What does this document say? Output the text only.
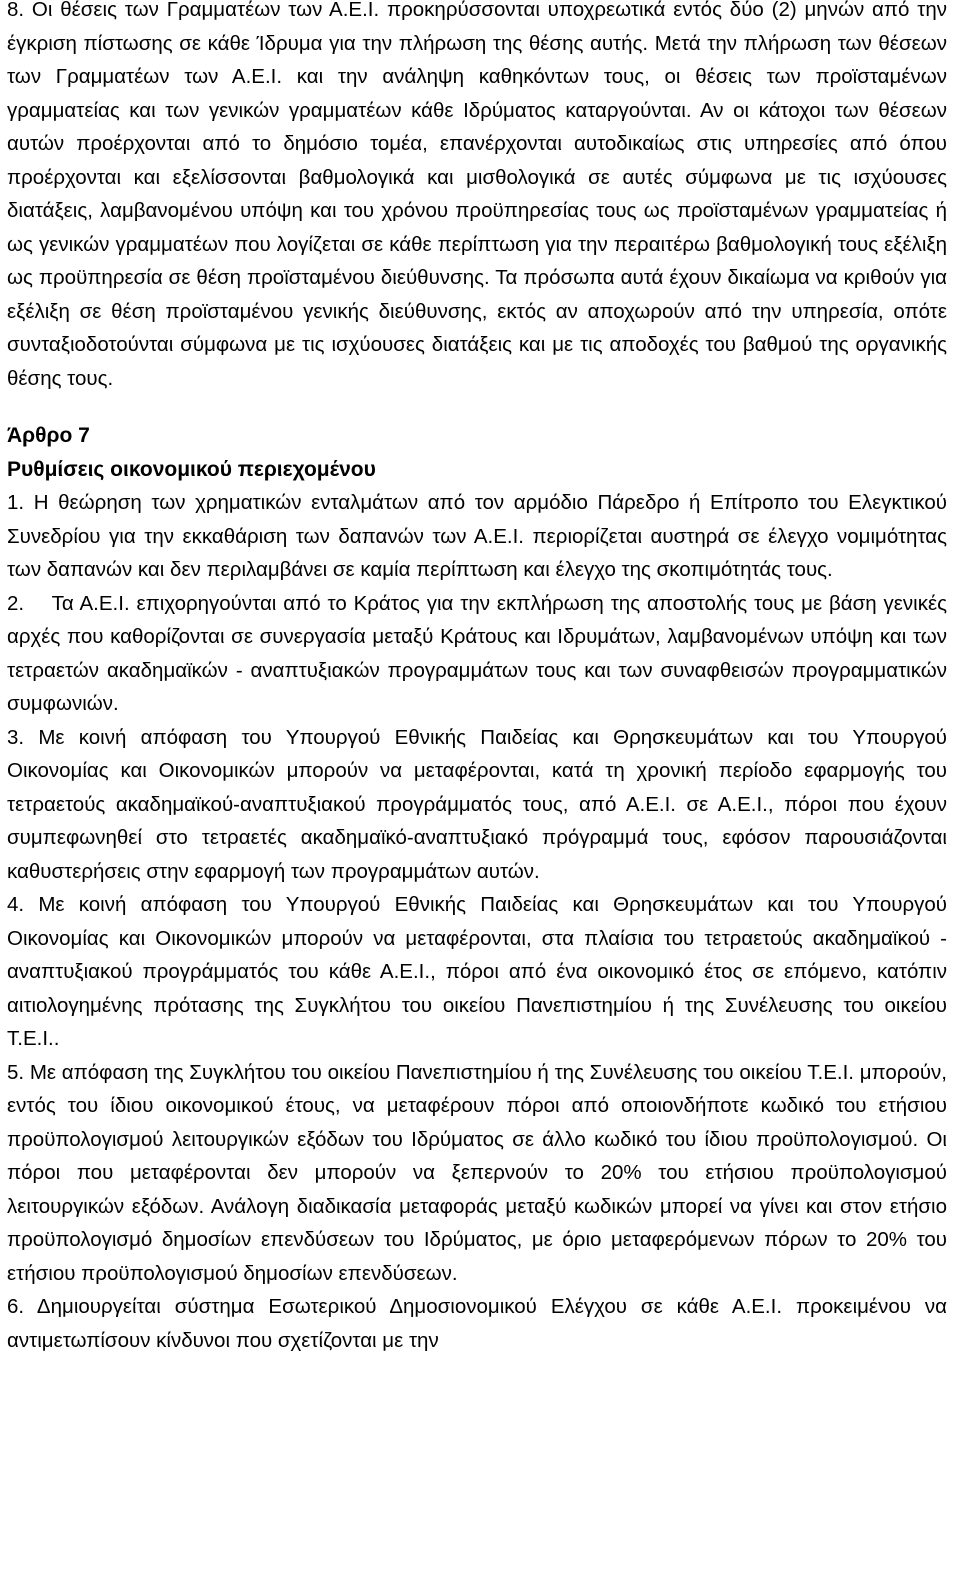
8. Οι θέσεις των Γραμματέων των Α.Ε.Ι. προκηρύσσονται υποχρεωτικά εντός δύο (2) μηνών από την έγκριση πίστωσης σε κάθε Ίδρυμα για την πλήρωση της θέσης αυτής. Μετά την πλήρωση των θέσεων των Γραμματέων των Α.Ε.Ι. και την ανάληψη καθηκόντων τους, οι θέσεις των προϊσταμένων γραμματείας και των γενικών γραμματέων κάθε Ιδρύματος καταργούνται. Αν οι κάτοχοι των θέσεων αυτών προέρχονται από το δημόσιο τομέα, επανέρχονται αυτοδικαίως στις υπηρεσίες από όπου προέρχονται και εξελίσσονται βαθμολογικά και μισθολογικά σε αυτές σύμφωνα με τις ισχύουσες διατάξεις, λαμβανομένου υπόψη και του χρόνου προϋπηρεσίας τους ως προϊσταμένων γραμματείας ή ως γενικών γραμματέων που λογίζεται σε κάθε περίπτωση για την περαιτέρω βαθμολογική τους εξέλιξη ως προϋπηρεσία σε θέση προϊσταμένου διεύθυνσης. Τα πρόσωπα αυτά έχουν δικαίωμα να κριθούν για εξέλιξη σε θέση προϊσταμένου γενικής διεύθυνσης, εκτός αν αποχωρούν από την υπηρεσία, οπότε συνταξιοδοτούνται σύμφωνα με τις ισχύουσες διατάξεις και με τις αποδοχές του βαθμού της οργανικής θέσης τους.

Άρθρο 7
Ρυθμίσεις οικονομικού περιεχομένου

1. Η θεώρηση των χρηματικών ενταλμάτων από τον αρμόδιο Πάρεδρο ή Επίτροπο του Ελεγκτικού Συνεδρίου για την εκκαθάριση των δαπανών των Α.Ε.Ι. περιορίζεται αυστηρά σε έλεγχο νομιμότητας των δαπανών και δεν περιλαμβάνει σε καμία περίπτωση και έλεγχο της σκοπιμότητάς τους.

2. Τα Α.Ε.Ι. επιχορηγούνται από το Κράτος για την εκπλήρωση της αποστολής τους με βάση γενικές αρχές που καθορίζονται σε συνεργασία μεταξύ Κράτους και Ιδρυμάτων, λαμβανομένων υπόψη και των τετραετών ακαδημαϊκών - αναπτυξιακών προγραμμάτων τους και των συναφθεισών προγραμματικών συμφωνιών.

3. Με κοινή απόφαση του Υπουργού Εθνικής Παιδείας και Θρησκευμάτων και του Υπουργού Οικονομίας και Οικονομικών μπορούν να μεταφέρονται, κατά τη χρονική περίοδο εφαρμογής του τετραετούς ακαδημαϊκού-αναπτυξιακού προγράμματός τους, από Α.Ε.Ι. σε Α.Ε.Ι., πόροι που έχουν συμπεφωνηθεί στο τετραετές ακαδημαϊκό-αναπτυξιακό πρόγραμμά τους, εφόσον παρουσιάζονται καθυστερήσεις στην εφαρμογή των προγραμμάτων αυτών.

4. Με κοινή απόφαση του Υπουργού Εθνικής Παιδείας και Θρησκευμάτων και του Υπουργού Οικονομίας και Οικονομικών μπορούν να μεταφέρονται, στα πλαίσια του τετραετούς ακαδημαϊκού - αναπτυξιακού προγράμματός του κάθε Α.Ε.Ι., πόροι από ένα οικονομικό έτος σε επόμενο, κατόπιν αιτιολογημένης πρότασης της Συγκλήτου του οικείου Πανεπιστημίου ή της Συνέλευσης του οικείου Τ.Ε.Ι..

5. Με απόφαση της Συγκλήτου του οικείου Πανεπιστημίου ή της Συνέλευσης του οικείου Τ.Ε.Ι. μπορούν, εντός του ίδιου οικονομικού έτους, να μεταφέρουν πόροι από οποιονδήποτε κωδικό του ετήσιου προϋπολογισμού λειτουργικών εξόδων του Ιδρύματος σε άλλο κωδικό του ίδιου προϋπολογισμού. Οι πόροι που μεταφέρονται δεν μπορούν να ξεπερνούν το 20% του ετήσιου προϋπολογισμού λειτουργικών εξόδων. Ανάλογη διαδικασία μεταφοράς μεταξύ κωδικών μπορεί να γίνει και στον ετήσιο προϋπολογισμό δημοσίων επενδύσεων του Ιδρύματος, με όριο μεταφερόμενων πόρων το 20% του ετήσιου προϋπολογισμού δημοσίων επενδύσεων.

6. Δημιουργείται σύστημα Εσωτερικού Δημοσιονομικού Ελέγχου σε κάθε Α.Ε.Ι. προκειμένου να αντιμετωπίσουν κίνδυνοι που σχετίζονται με την
